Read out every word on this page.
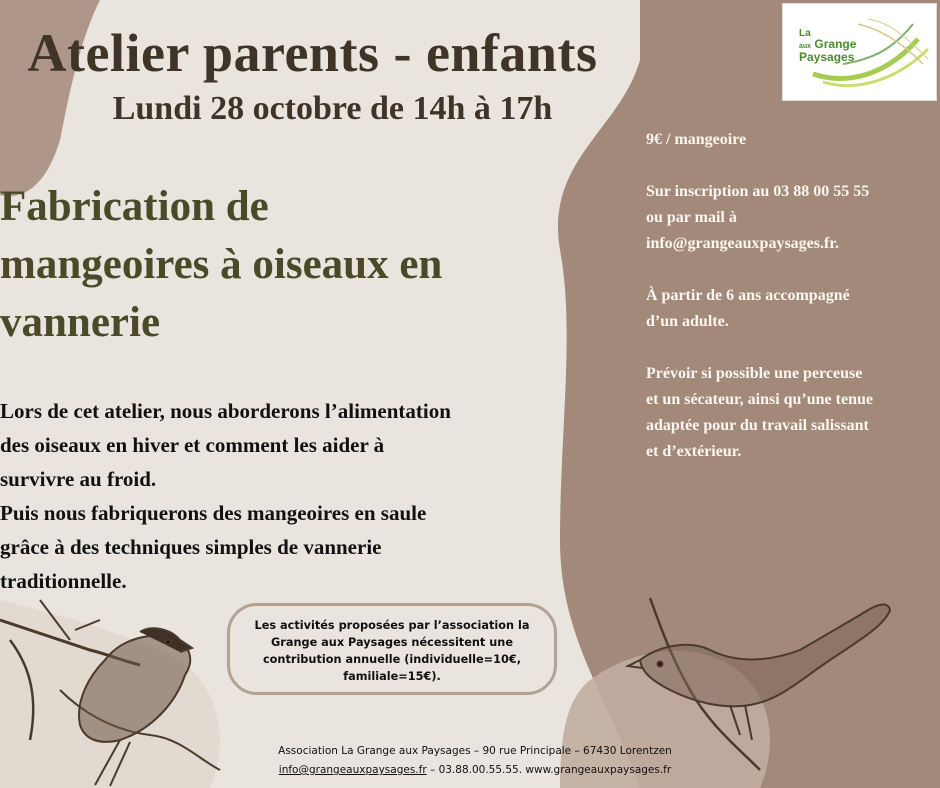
La
aux Grange
Paysages
Atelier parents - enfants
Lundi 28 octobre de 14h à 17h
Fabrication de
mangeoires à oiseaux en
vannerie
Lors de cet atelier, nous aborderons l’alimentation
des oiseaux en hiver et comment les aider à
survivre au froid.
Puis nous fabriquerons des mangeoires en saule
grâce à des techniques simples de vannerie
traditionnelle.
9€ / mangeoire
Sur inscription au 03 88 00 55 55
ou par mail à
info@grangeauxpaysages.fr.
À partir de 6 ans accompagné
d’un adulte.
Prévoir si possible une perceuse
et un sécateur, ainsi qu’une tenue
adaptée pour du travail salissant
et d’extérieur.
Les activités proposées par l’association la
Grange aux Paysages nécessitent une
contribution annuelle (individuelle=10€,
familiale=15€).
Association La Grange aux Paysages – 90 rue Principale – 67430 Lorentzen
info@grangeauxpaysages.fr – 03.88.00.55.55. www.grangeauxpaysages.fr
